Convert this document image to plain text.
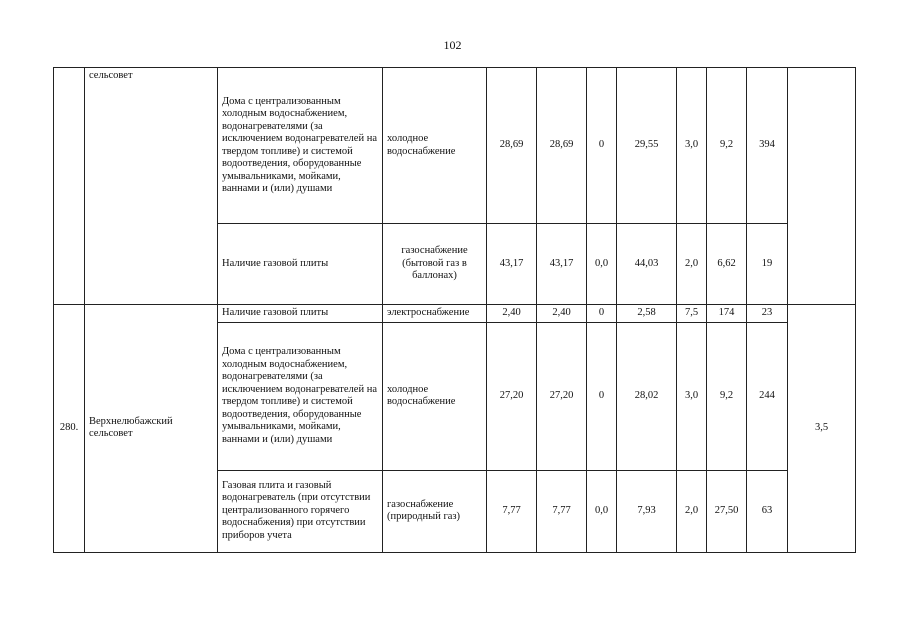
102
	сельсовет	Дома с централизованным холодным водоснабжением, водонагревателями (за исключением водонагревателей на твердом топливе) и системой водоотведения, оборудованные умывальниками, мойками, ваннами и (или) душами	холодное водоснабжение	28,69	28,69	0	29,55	3,0	9,2	394	
		Наличие газовой плиты	газоснабжение (бытовой газ в баллонах)	43,17	43,17	0,0	44,03	2,0	6,62	19	
280.	Верхнелюбажский сельсовет	Наличие газовой плиты	электроснабжение	2,40	2,40	0	2,58	7,5	174	23	3,5
		Дома с централизованным холодным водоснабжением, водонагревателями (за исключением водонагревателей на твердом топливе) и системой водоотведения, оборудованные умывальниками, мойками, ваннами и (или) душами	холодное водоснабжение	27,20	27,20	0	28,02	3,0	9,2	244	
		Газовая плита и газовый водонагреватель (при отсутствии централизованного горячего водоснабжения) при отсутствии приборов учета	газоснабжение (природный газ)	7,77	7,77	0,0	7,93	2,0	27,50	63	
